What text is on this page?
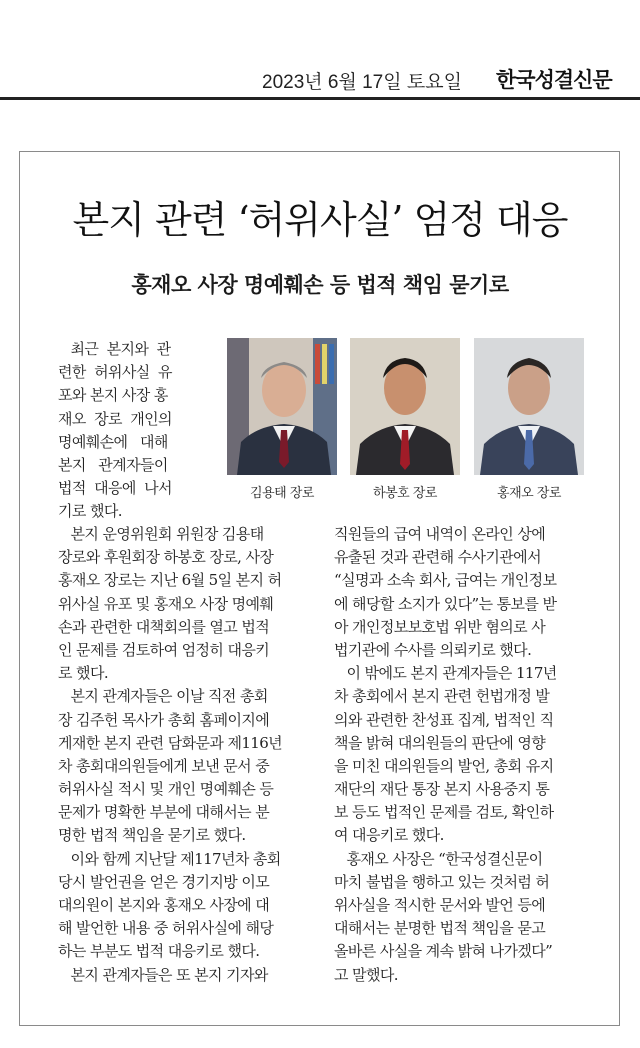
2023년 6월 17일 토요일 한국성결신문
본지 관련 ‘허위사실’ 엄정 대응
홍재오 사장 명예훼손 등 법적 책임 묻기로
최근  본지와  관
련한  허위사실  유
포와 본지 사장 홍
재오  장로  개인의
명예훼손에   대해
본지   관계자들이
법적  대응에  나서
기로 했다.
김용태 장로	하봉호 장로	홍재오 장로
본지 운영위원회 위원장 김용태
장로와 후원회장 하봉호 장로, 사장
홍재오 장로는 지난 6월 5일 본지 허
위사실 유포 및 홍재오 사장 명예훼
손과 관련한 대책회의를 열고 법적
인 문제를 검토하여 엄정히 대응키
로 했다.
본지 관계자들은 이날 직전 총회
장 김주헌 목사가 총회 홈페이지에
게재한 본지 관련 담화문과 제116년
차 총회대의원들에게 보낸 문서 중
허위사실 적시 및 개인 명예훼손 등
문제가 명확한 부분에 대해서는 분
명한 법적 책임을 묻기로 했다.
이와 함께 지난달 제117년차 총회
당시 발언권을 얻은 경기지방 이모
대의원이 본지와 홍재오 사장에 대
해 발언한 내용 중 허위사실에 해당
하는 부분도 법적 대응키로 했다.
본지 관계자들은 또 본지 기자와
직원들의 급여 내역이 온라인 상에
유출된 것과 관련해 수사기관에서
“실명과 소속 회사, 급여는 개인정보
에 해당할 소지가 있다”는 통보를 받
아 개인정보보호법 위반 혐의로 사
법기관에 수사를 의뢰키로 했다.
이 밖에도 본지 관계자들은 117년
차 총회에서 본지 관련 헌법개정 발
의와 관련한 찬성표 집계, 법적인 직
책을 밝혀 대의원들의 판단에 영향
을 미친 대의원들의 발언, 총회 유지
재단의 재단 통장 본지 사용중지 통
보 등도 법적인 문제를 검토, 확인하
여 대응키로 했다.
홍재오 사장은 “한국성결신문이
마치 불법을 행하고 있는 것처럼 허
위사실을 적시한 문서와 발언 등에
대해서는 분명한 법적 책임을 묻고
올바른 사실을 계속 밝혀 나가겠다”
고 말했다.
